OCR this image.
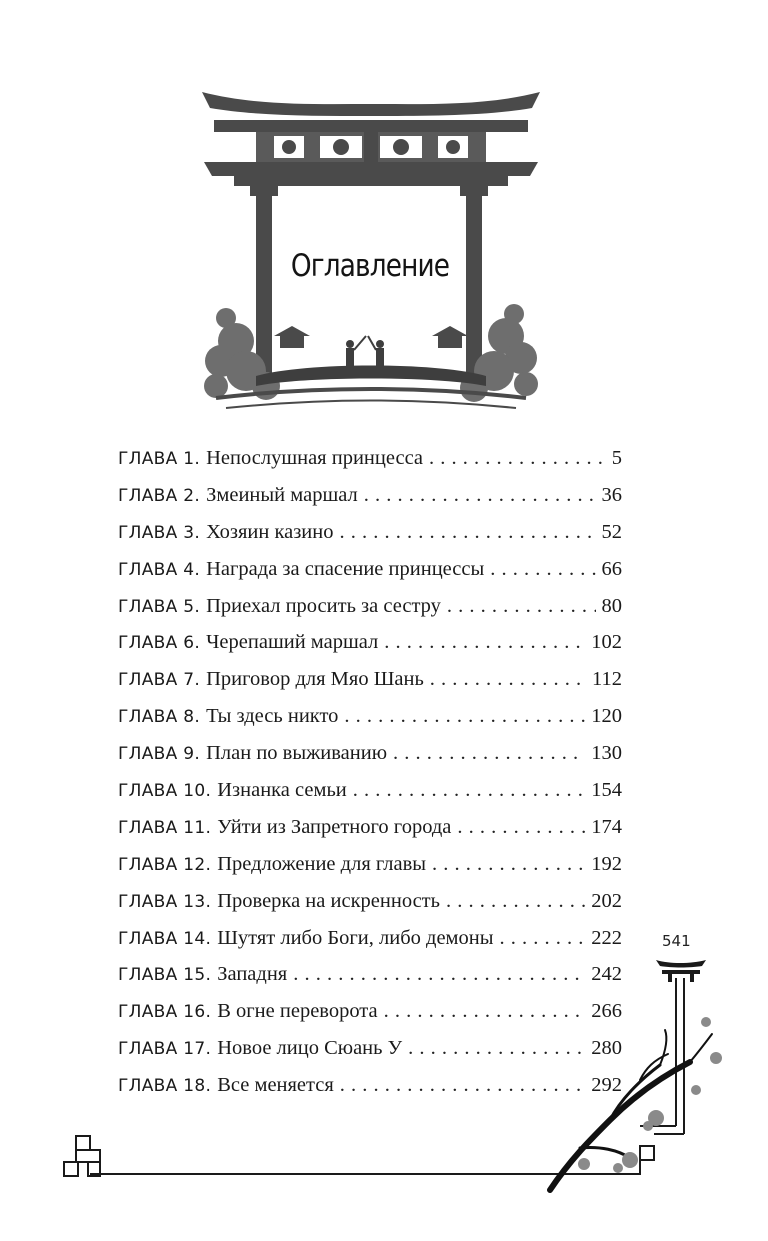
Оглавление
ГЛАВА 1. Непослушная принцесса . . .	5
ГЛАВА 2. Змеиный маршал . . .	36
ГЛАВА 3. Хозяин казино . . .	52
ГЛАВА 4. Награда за спасение принцессы . . .	66
ГЛАВА 5. Приехал просить за сестру . . .	80
ГЛАВА 6. Черепаший маршал . . .	102
ГЛАВА 7. Приговор для Мяо Шань . . .	112
ГЛАВА 8. Ты здесь никто . . .	120
ГЛАВА 9. План по выживанию . . .	130
ГЛАВА 10. Изнанка семьи . . .	154
ГЛАВА 11. Уйти из Запретного города . . .	174
ГЛАВА 12. Предложение для главы . . .	192
ГЛАВА 13. Проверка на искренность . . .	202
ГЛАВА 14. Шутят либо Боги, либо демоны . . .	222
ГЛАВА 15. Западня . . .	242
ГЛАВА 16. В огне переворота . . .	266
ГЛАВА 17. Новое лицо Сюань У . . .	280
ГЛАВА 18. Все меняется . . .	292
541
